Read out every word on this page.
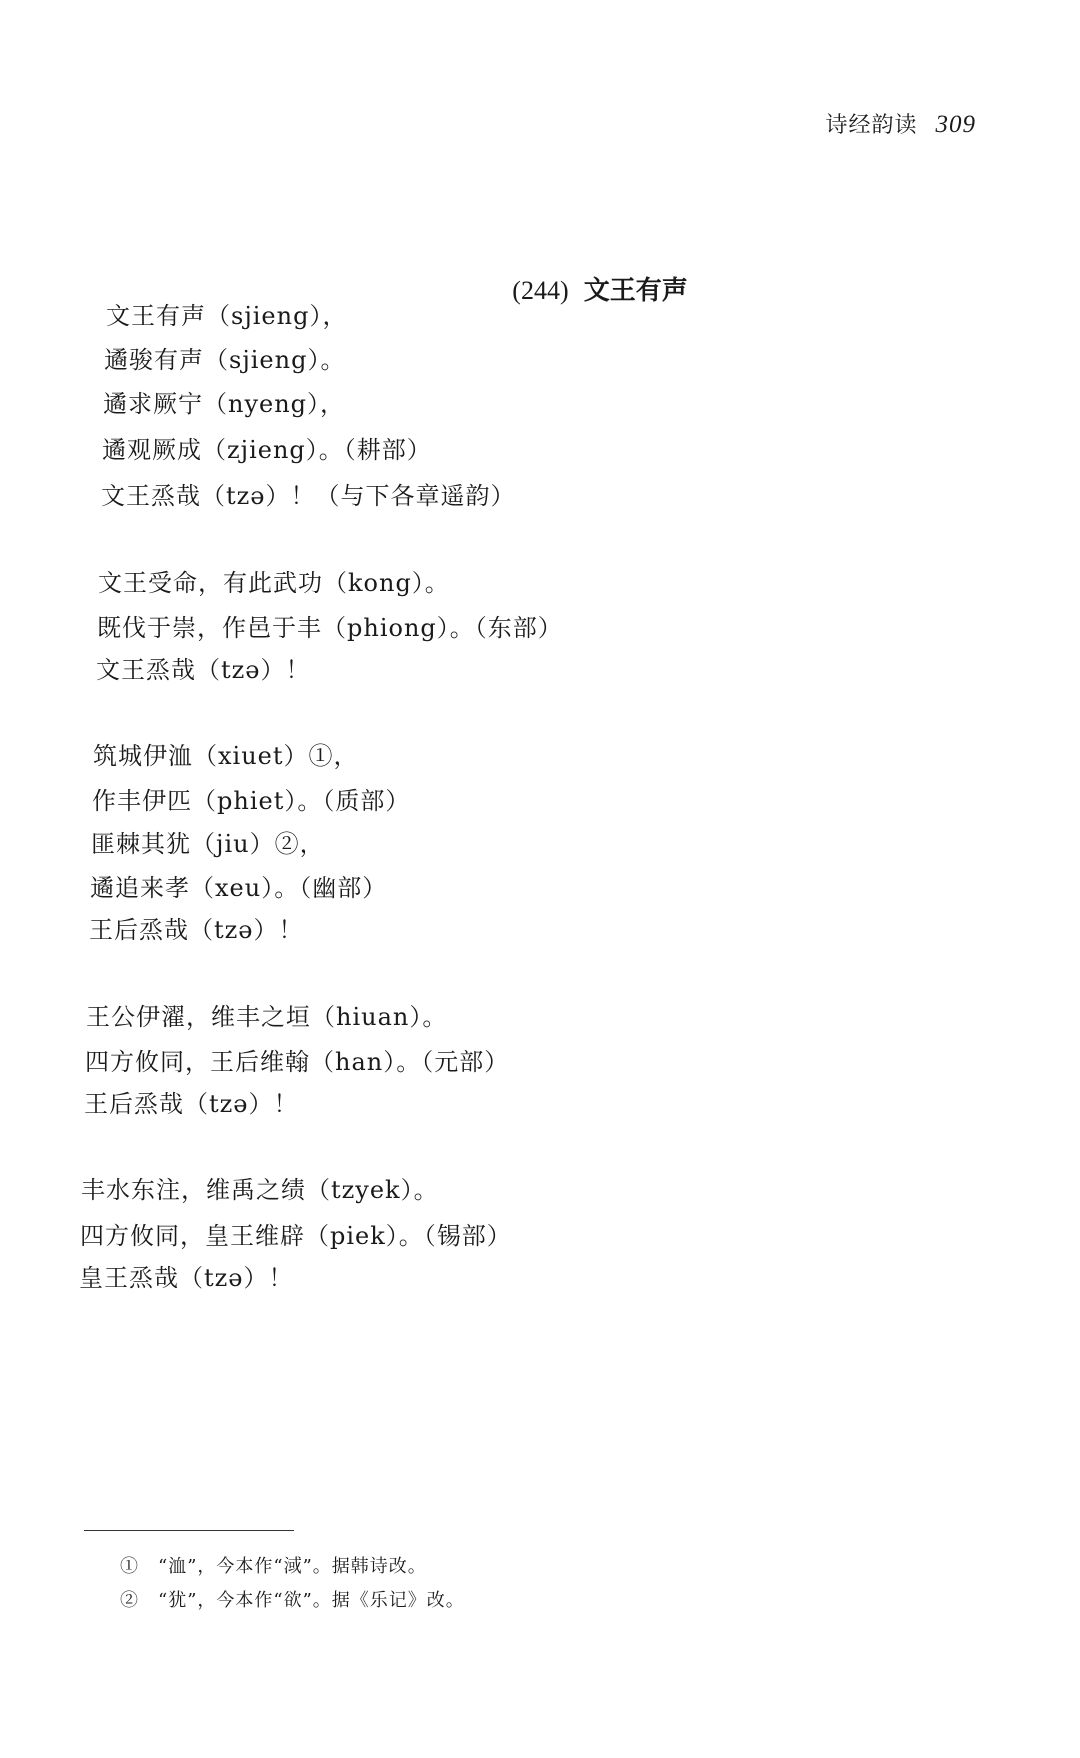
诗经韵读 309
(244) 文王有声
文王有声（sjieng），
遹骏有声（sjieng）。
遹求厥宁（nyeng），
遹观厥成（zjieng）。（耕部）
文王烝哉（tzə）！（与下各章遥韵）
文王受命，有此武功（kong）。
既伐于崇，作邑于丰（phiong）。（东部）
文王烝哉（tzə）！
筑城伊洫（xiuet）①，
作丰伊匹（phiet）。（质部）
匪棘其犹（jiu）②，
遹追来孝（xeu）。（幽部）
王后烝哉（tzə）！
王公伊濯，维丰之垣（hiuan）。
四方攸同，王后维翰（han）。（元部）
王后烝哉（tzə）！
丰水东注，维禹之绩（tzyek）。
四方攸同，皇王维辟（piek）。（锡部）
皇王烝哉（tzə）！
①　“洫”，今本作“淢”。据韩诗改。
②　“犹”，今本作“欲”。据《乐记》改。
